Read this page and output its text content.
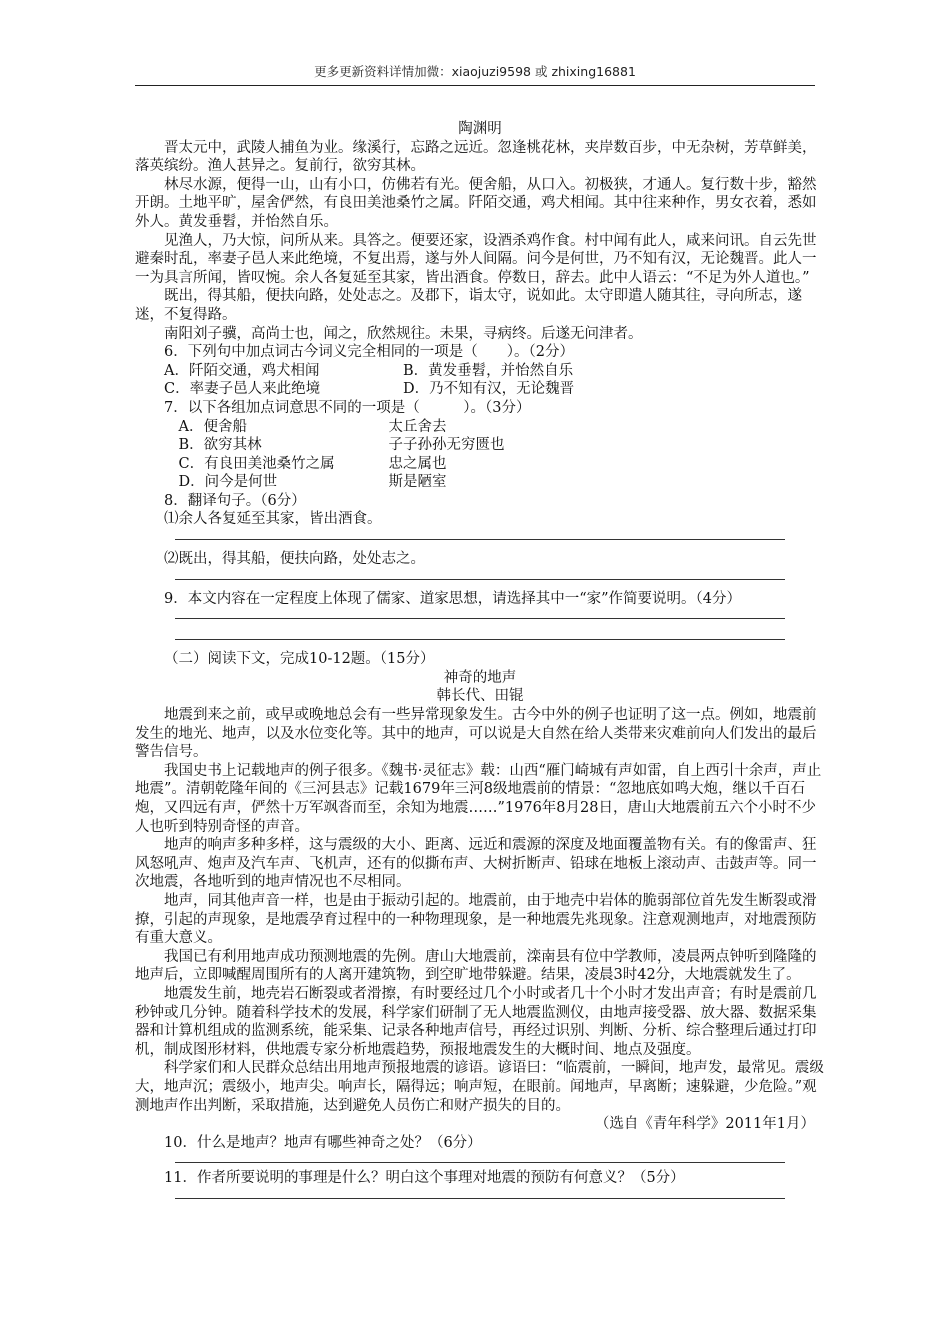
更多更新资料详情加微：xiaojuzi9598 或 zhixing16881

陶渊明

晋太元中，武陵人捕鱼为业。缘溪行，忘路之远近。忽逢桃花林，夹岸数百步，中无杂树，芳草鲜美，落英缤纷。渔人甚异之。复前行，欲穷其林。

林尽水源，便得一山，山有小口，仿佛若有光。便舍船，从口入。初极狭，才通人。复行数十步，豁然开朗。土地平旷，屋舍俨然，有良田美池桑竹之属。阡陌交通，鸡犬相闻。其中往来种作，男女衣着，悉如外人。黄发垂髫，并怡然自乐。

见渔人，乃大惊，问所从来。具答之。便要还家，设酒杀鸡作食。村中闻有此人，咸来问讯。自云先世避秦时乱，率妻子邑人来此绝境，不复出焉，遂与外人间隔。问今是何世，乃不知有汉，无论魏晋。此人一一为具言所闻，皆叹惋。余人各复延至其家，皆出酒食。停数日，辞去。此中人语云：“不足为外人道也。”

既出，得其船，便扶向路，处处志之。及郡下，诣太守，说如此。太守即遣人随其往，寻向所志，遂迷，不复得路。

南阳刘子骥，高尚士也，闻之，欣然规往。未果，寻病终。后遂无问津者。

6．下列句中加点词古今词义完全相同的一项是（　　）。（2分）

A．阡陌交通，鸡犬相闻	B．黄发垂髫，并怡然自乐
C．率妻子邑人来此绝境	D．乃不知有汉，无论魏晋

7．以下各组加点词意思不同的一项是（　　　）。（3分）

A．便舍船	太丘舍去
B．欲穷其林	子子孙孙无穷匮也
C．有良田美池桑竹之属	忠之属也
D．问今是何世	斯是陋室

8．翻译句子。（6分）

⑴余人各复延至其家，皆出酒食。

⑵既出，得其船，便扶向路，处处志之。

9．本文内容在一定程度上体现了儒家、道家思想，请选择其中一“家”作简要说明。（4分）

（二）阅读下文，完成10-12题。（15分）

神奇的地声

韩长代、田锟

地震到来之前，或早或晚地总会有一些异常现象发生。古今中外的例子也证明了这一点。例如，地震前发生的地光、地声，以及水位变化等。其中的地声，可以说是大自然在给人类带来灾难前向人们发出的最后警告信号。

我国史书上记载地声的例子很多。《魏书·灵征志》载：山西“雁门崎城有声如雷，自上西引十余声，声止地震”。清朝乾隆年间的《三河县志》记载1679年三河8级地震前的情景：“忽地底如鸣大炮，继以千百石炮，又四远有声，俨然十万军飒沓而至，余知为地震……”1976年8月28日，唐山大地震前五六个小时不少人也听到特别奇怪的声音。

地声的响声多种多样，这与震级的大小、距离、远近和震源的深度及地面覆盖物有关。有的像雷声、狂风怒吼声、炮声及汽车声、飞机声，还有的似撕布声、大树折断声、铅球在地板上滚动声、击鼓声等。同一次地震，各地听到的地声情况也不尽相同。

地声，同其他声音一样，也是由于振动引起的。地震前，由于地壳中岩体的脆弱部位首先发生断裂或滑撩，引起的声现象，是地震孕育过程中的一种物理现象，是一种地震先兆现象。注意观测地声，对地震预防有重大意义。

我国已有利用地声成功预测地震的先例。唐山大地震前，滦南县有位中学教师，凌晨两点钟听到隆隆的地声后，立即喊醒周围所有的人离开建筑物，到空旷地带躲避。结果，凌晨3时42分，大地震就发生了。

地震发生前，地壳岩石断裂或者滑擦，有时要经过几个小时或者几十个小时才发出声音；有时是震前几秒钟或几分钟。随着科学技术的发展，科学家们研制了无人地震监测仪，由地声接受器、放大器、数据采集器和计算机组成的监测系统，能采集、记录各种地声信号，再经过识别、判断、分析、综合整理后通过打印机，制成图形材料，供地震专家分析地震趋势，预报地震发生的大概时间、地点及强度。

科学家们和人民群众总结出用地声预报地震的谚语。谚语曰：“临震前，一瞬间，地声发，最常见。震级大，地声沉；震级小，地声尖。响声长，隔得远；响声短，在眼前。闻地声，早离断；速躲避，少危险。”观测地声作出判断，采取措施，达到避免人员伤亡和财产损失的目的。

（选自《青年科学》2011年1月）

10．什么是地声？地声有哪些神奇之处？（6分）

11．作者所要说明的事理是什么？明白这个事理对地震的预防有何意义？（5分）
